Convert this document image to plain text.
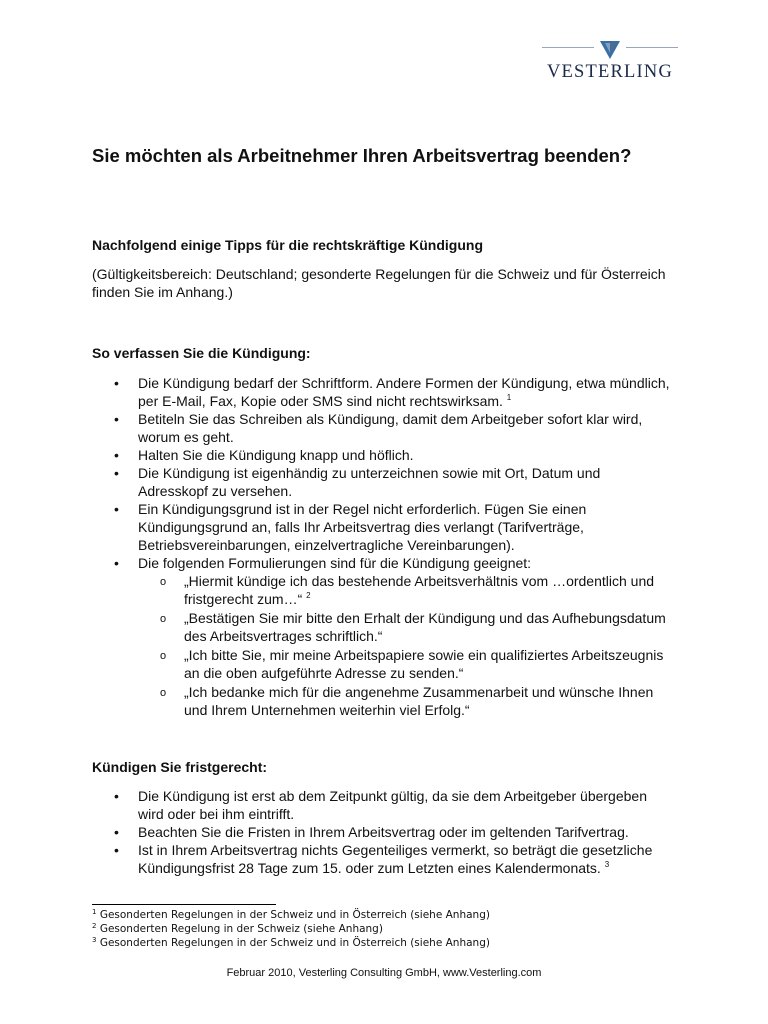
VESTERLING
Sie möchten als Arbeitnehmer Ihren Arbeitsvertrag beenden?
Nachfolgend einige Tipps für die rechtskräftige Kündigung

(Gültigkeitsbereich: Deutschland; gesonderte Regelungen für die Schweiz und für Österreich finden Sie im Anhang.)

So verfassen Sie die Kündigung:
• Die Kündigung bedarf der Schriftform. Andere Formen der Kündigung, etwa mündlich, per E-Mail, Fax, Kopie oder SMS sind nicht rechtswirksam. $^1$
• Betiteln Sie das Schreiben als Kündigung, damit dem Arbeitgeber sofort klar wird, worum es geht.
• Halten Sie die Kündigung knapp und höflich.
• Die Kündigung ist eigenhändig zu unterzeichnen sowie mit Ort, Datum und Adresskopf zu versehen.
• Ein Kündigungsgrund ist in der Regel nicht erforderlich. Fügen Sie einen Kündigungsgrund an, falls Ihr Arbeitsvertrag dies verlangt (Tarifverträge, Betriebsvereinbarungen, einzelvertragliche Vereinbarungen).
• Die folgenden Formulierungen sind für die Kündigung geeignet:
o „Hiermit kündige ich das bestehende Arbeitsverhältnis vom …ordentlich und fristgerecht zum…“ $^2$
o „Bestätigen Sie mir bitte den Erhalt der Kündigung und das Aufhebungsdatum des Arbeitsvertrages schriftlich.“
o „Ich bitte Sie, mir meine Arbeitspapiere sowie ein qualifiziertes Arbeitszeugnis an die oben aufgeführte Adresse zu senden.“
o „Ich bedanke mich für die angenehme Zusammenarbeit und wünsche Ihnen und Ihrem Unternehmen weiterhin viel Erfolg.“
Kündigen Sie fristgerecht:
• Die Kündigung ist erst ab dem Zeitpunkt gültig, da sie dem Arbeitgeber übergeben wird oder bei ihm eintrifft.
• Beachten Sie die Fristen in Ihrem Arbeitsvertrag oder im geltenden Tarifvertrag.
• Ist in Ihrem Arbeitsvertrag nichts Gegenteiliges vermerkt, so beträgt die gesetzliche Kündigungsfrist 28 Tage zum 15. oder zum Letzten eines Kalendermonats. $^3$
$^1$ Gesonderten Regelungen in der Schweiz und in Österreich (siehe Anhang)
$^2$ Gesonderten Regelung in der Schweiz (siehe Anhang)
$^3$ Gesonderten Regelungen in der Schweiz und in Österreich (siehe Anhang)
Februar 2010, Vesterling Consulting GmbH, www.Vesterling.com
